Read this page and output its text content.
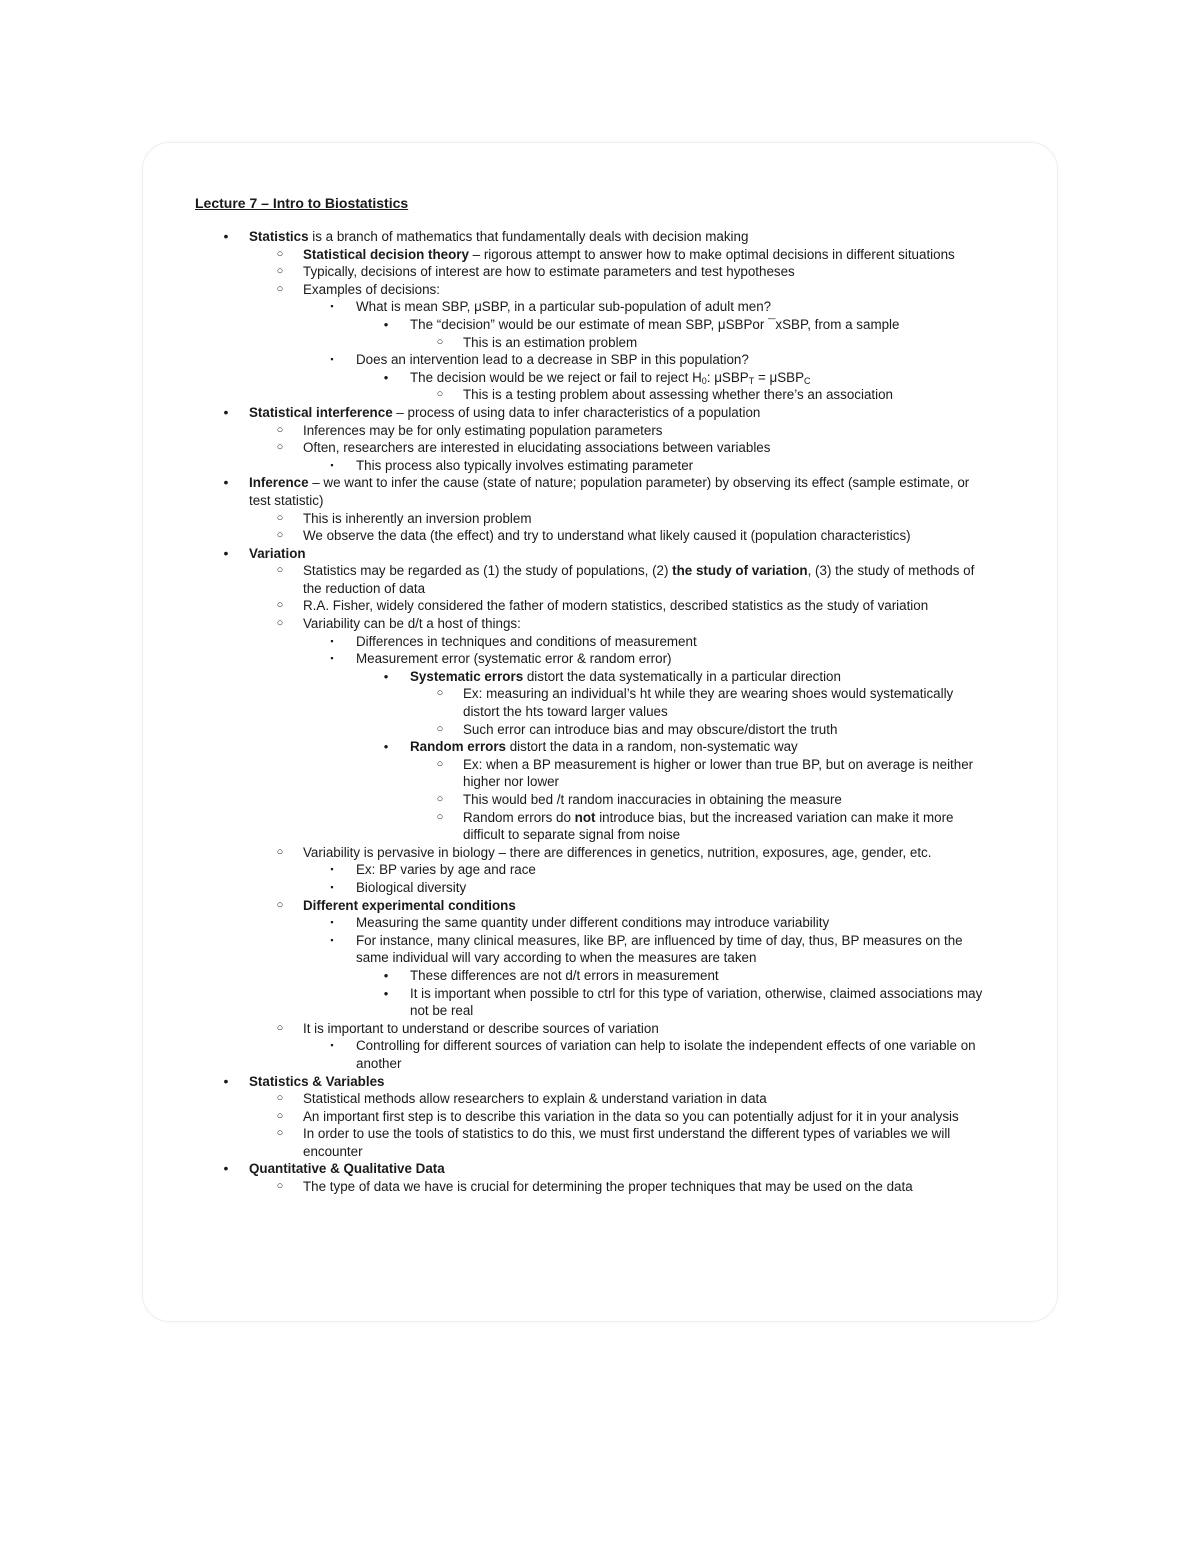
Lecture 7 – Intro to Biostatistics
•	Statistics is a branch of mathematics that fundamentally deals with decision making
○ Statistical decision theory – rigorous attempt to answer how to make optimal decisions in different situations
○ Typically, decisions of interest are how to estimate parameters and test hypotheses
○ Examples of decisions:
▪	What is mean SBP, μSBP, in a particular sub-population of adult men?
•	The “decision” would be our estimate of mean SBP, μSBPor ¯xSBP, from a sample
○ This is an estimation problem
▪	Does an intervention lead to a decrease in SBP in this population?
•	The decision would be we reject or fail to reject $H_0$: μSBP$_T$ = μSBP$_C$
○ This is a testing problem about assessing whether there’s an association
•	Statistical interference – process of using data to infer characteristics of a population
○ Inferences may be for only estimating population parameters
○ Often, researchers are interested in elucidating associations between variables
▪	This process also typically involves estimating parameter
•	Inference – we want to infer the cause (state of nature; population parameter) by observing its effect (sample estimate, or test statistic)
○ This is inherently an inversion problem
○ We observe the data (the effect) and try to understand what likely caused it (population characteristics)
•	Variation
○ Statistics may be regarded as (1) the study of populations, (2) the study of variation, (3) the study of methods of the reduction of data
○ R.A. Fisher, widely considered the father of modern statistics, described statistics as the study of variation
○ Variability can be d/t a host of things:
▪	Differences in techniques and conditions of measurement
▪	Measurement error (systematic error & random error)
•	Systematic errors distort the data systematically in a particular direction
○ Ex: measuring an individual’s ht while they are wearing shoes would systematically distort the hts toward larger values
○ Such error can introduce bias and may obscure/distort the truth
•	Random errors distort the data in a random, non-systematic way
○ Ex: when a BP measurement is higher or lower than true BP, but on average is neither higher nor lower
○ This would bed /t random inaccuracies in obtaining the measure
○ Random errors do not introduce bias, but the increased variation can make it more difficult to separate signal from noise
○ Variability is pervasive in biology – there are differences in genetics, nutrition, exposures, age, gender, etc.
▪	Ex: BP varies by age and race
▪	Biological diversity
○ Different experimental conditions
▪	Measuring the same quantity under different conditions may introduce variability
▪	For instance, many clinical measures, like BP, are influenced by time of day, thus, BP measures on the same individual will vary according to when the measures are taken
•	These differences are not d/t errors in measurement
•	It is important when possible to ctrl for this type of variation, otherwise, claimed associations may not be real
○ It is important to understand or describe sources of variation
▪	Controlling for different sources of variation can help to isolate the independent effects of one variable on another
•	Statistics & Variables
○ Statistical methods allow researchers to explain & understand variation in data
○ An important first step is to describe this variation in the data so you can potentially adjust for it in your analysis
○ In order to use the tools of statistics to do this, we must first understand the different types of variables we will encounter
•	Quantitative & Qualitative Data
○ The type of data we have is crucial for determining the proper techniques that may be used on the data
